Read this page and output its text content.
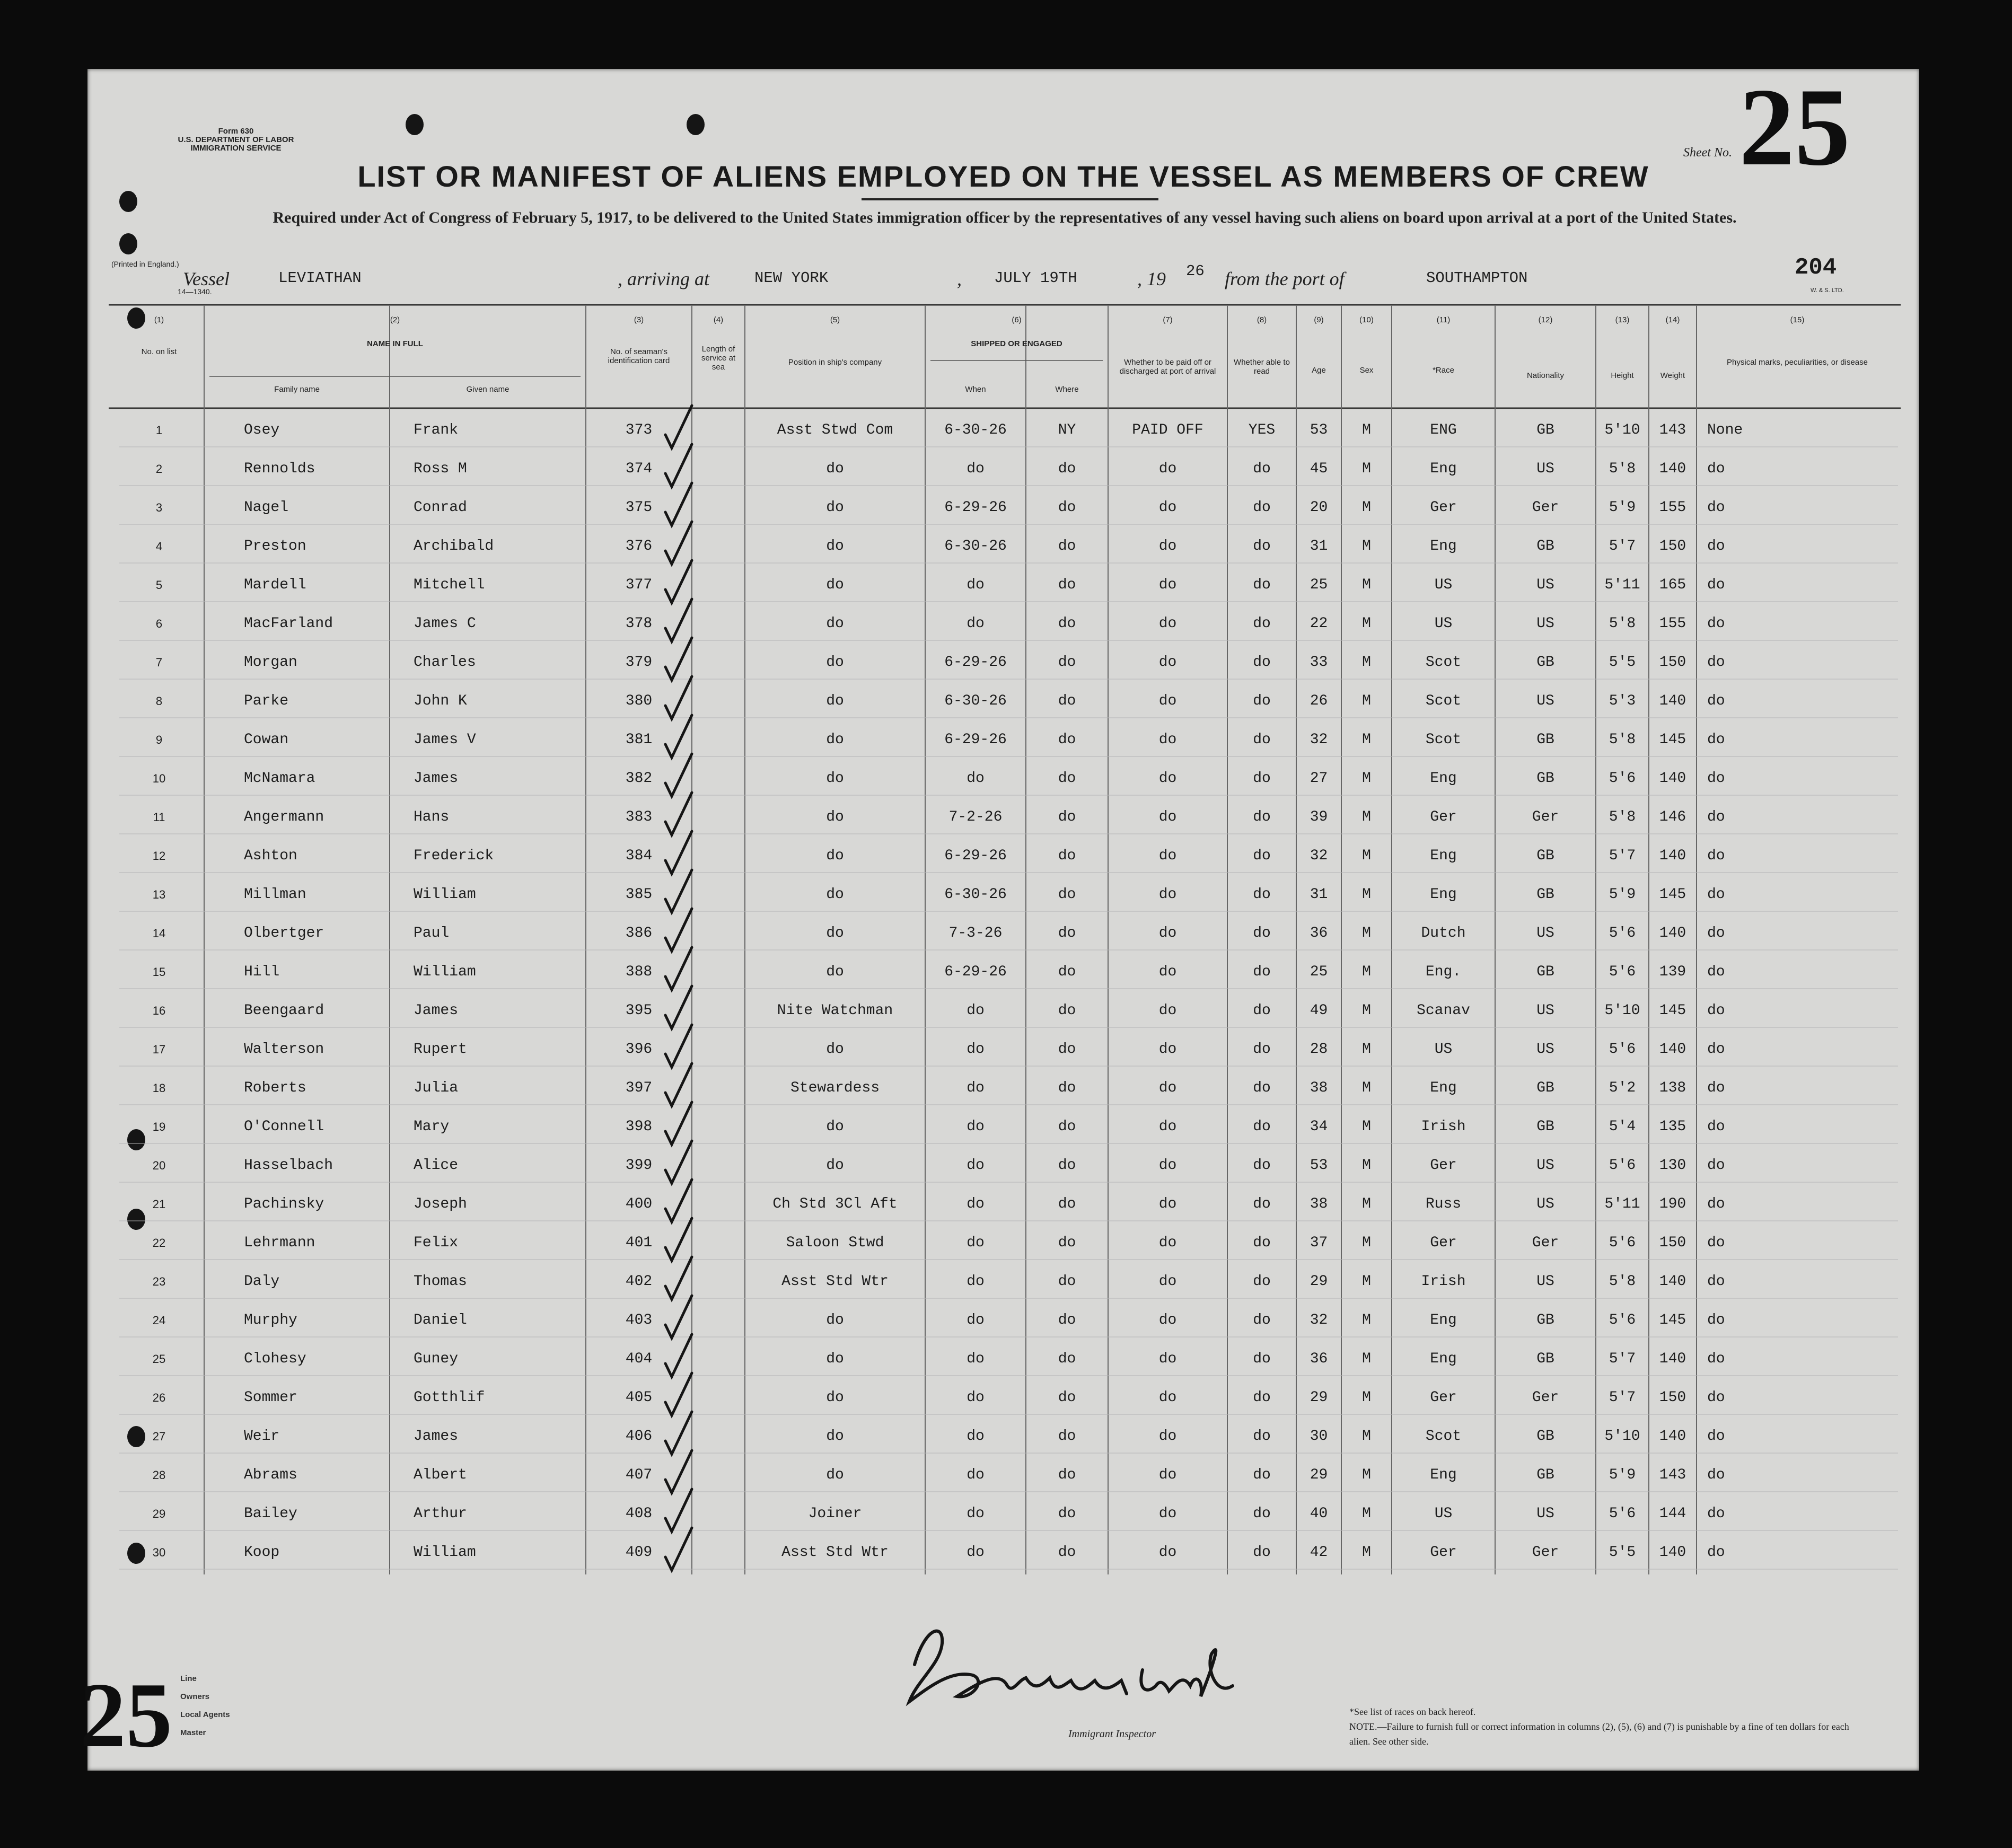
Form 630
U.S. DEPARTMENT OF LABOR
IMMIGRATION SERVICE
(Printed in England.)
14—1340.	W. & S. LTD.
LIST OR MANIFEST OF ALIENS EMPLOYED ON THE VESSEL AS MEMBERS OF CREW
Required under Act of Congress of February 5, 1917, to be delivered to the United States immigration officer by the representatives of any vessel having such aliens on board upon arrival at a port of the United States.
Sheet No. 25
204
Vessel	LEVIATHAN	, arriving at	NEW YORK	, JULY 19TH	, 19 26 from the port of	SOUTHAMPTON
(1)
No. on list
(2)
NAME IN FULL
(3)
No. of seaman's identification card
(4)
Length of service at sea
(5)
Position in ship's company
(6)
SHIPPED OR ENGAGED
(7)
Whether to be paid off or discharged at port of arrival
(8)
Whether able to read
(9)
Age
(10)
Sex
(11)
*Race
(12)
Nationality
(13)
Height
(14)
Weight
(15)
Physical marks, peculiarities, or disease
Family name	Given name	When	Where
1	Osey	Frank	373	Asst Stwd Com	6-30-26	NY	PAID OFF	YES	53	M	ENG	GB	5'10	143	None
2	Rennolds	Ross M	374	do	do	do	do	do	45	M	Eng	US	5'8	140	do
3	Nagel	Conrad	375	do	6-29-26	do	do	do	20	M	Ger	Ger	5'9	155	do
4	Preston	Archibald	376	do	6-30-26	do	do	do	31	M	Eng	GB	5'7	150	do
5	Mardell	Mitchell	377	do	do	do	do	do	25	M	US	US	5'11	165	do
6	MacFarland	James C	378	do	do	do	do	do	22	M	US	US	5'8	155	do
7	Morgan	Charles	379	do	6-29-26	do	do	do	33	M	Scot	GB	5'5	150	do
8	Parke	John K	380	do	6-30-26	do	do	do	26	M	Scot	US	5'3	140	do
9	Cowan	James V	381	do	6-29-26	do	do	do	32	M	Scot	GB	5'8	145	do
10	McNamara	James	382	do	do	do	do	do	27	M	Eng	GB	5'6	140	do
11	Angermann	Hans	383	do	7-2-26	do	do	do	39	M	Ger	Ger	5'8	146	do
12	Ashton	Frederick	384	do	6-29-26	do	do	do	32	M	Eng	GB	5'7	140	do
13	Millman	William	385	do	6-30-26	do	do	do	31	M	Eng	GB	5'9	145	do
14	Olbertger	Paul	386	do	7-3-26	do	do	do	36	M	Dutch	US	5'6	140	do
15	Hill	William	388	do	6-29-26	do	do	do	25	M	Eng.	GB	5'6	139	do
16	Beengaard	James	395	Nite Watchman	do	do	do	do	49	M	Scanav	US	5'10	145	do
17	Walterson	Rupert	396	do	do	do	do	do	28	M	US	US	5'6	140	do
18	Roberts	Julia	397	Stewardess	do	do	do	do	38	M	Eng	GB	5'2	138	do
19	O'Connell	Mary	398	do	do	do	do	do	34	M	Irish	GB	5'4	135	do
20	Hasselbach	Alice	399	do	do	do	do	do	53	M	Ger	US	5'6	130	do
21	Pachinsky	Joseph	400	Ch Std 3Cl Aft	do	do	do	do	38	M	Russ	US	5'11	190	do
22	Lehrmann	Felix	401	Saloon Stwd	do	do	do	do	37	M	Ger	Ger	5'6	150	do
23	Daly	Thomas	402	Asst Std Wtr	do	do	do	do	29	M	Irish	US	5'8	140	do
24	Murphy	Daniel	403	do	do	do	do	do	32	M	Eng	GB	5'6	145	do
25	Clohesy	Guney	404	do	do	do	do	do	36	M	Eng	GB	5'7	140	do
26	Sommer	Gotthlif	405	do	do	do	do	do	29	M	Ger	Ger	5'7	150	do
27	Weir	James	406	do	do	do	do	do	30	M	Scot	GB	5'10	140	do
28	Abrams	Albert	407	do	do	do	do	do	29	M	Eng	GB	5'9	143	do
29	Bailey	Arthur	408	Joiner	do	do	do	do	40	M	US	US	5'6	144	do
30	Koop	William	409	Asst Std Wtr	do	do	do	do	42	M	Ger	Ger	5'5	140	do
Immigrant Inspector
*See list of races on back hereof.
NOTE.—Failure to furnish full or correct information in columns (2), (5), (6) and (7) is punishable by a fine of ten dollars for each alien. See other side.
25 Line
Owners
Local Agents
Master
